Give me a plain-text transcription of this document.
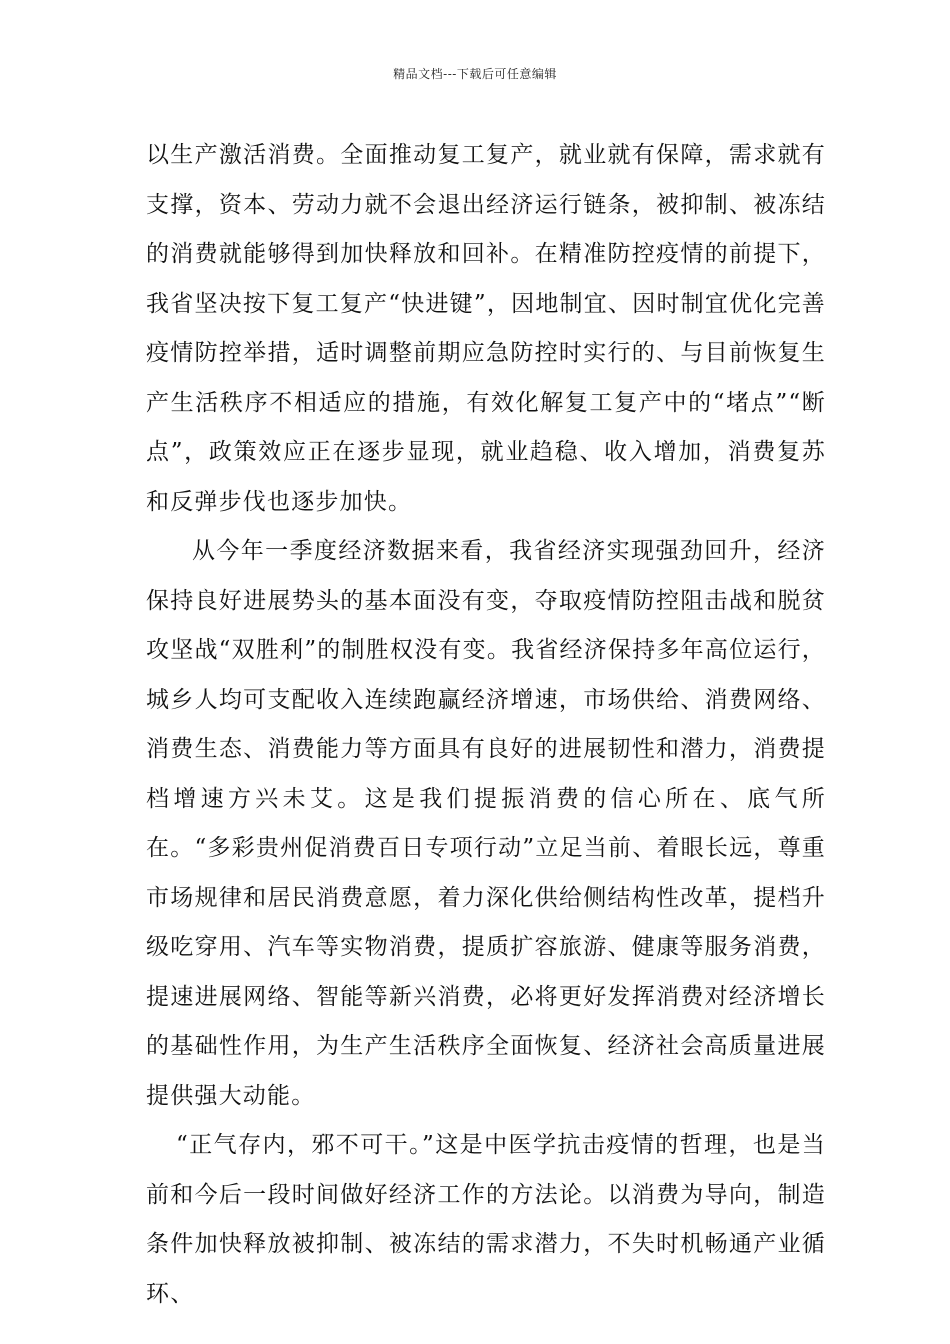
精品文档---下载后可任意编辑

以生产激活消费。全面推动复工复产，就业就有保障，需求就有支撑，资本、劳动力就不会退出经济运行链条，被抑制、被冻结的消费就能够得到加快释放和回补。在精准防控疫情的前提下，我省坚决按下复工复产“快进键”，因地制宜、因时制宜优化完善疫情防控举措，适时调整前期应急防控时实行的、与目前恢复生产生活秩序不相适应的措施，有效化解复工复产中的“堵点”“断点”，政策效应正在逐步显现，就业趋稳、收入增加，消费复苏和反弹步伐也逐步加快。

从今年一季度经济数据来看，我省经济实现强劲回升，经济保持良好进展势头的基本面没有变，夺取疫情防控阻击战和脱贫攻坚战“双胜利”的制胜权没有变。我省经济保持多年高位运行，城乡人均可支配收入连续跑赢经济增速，市场供给、消费网络、消费生态、消费能力等方面具有良好的进展韧性和潜力，消费提档增速方兴未艾。这是我们提振消费的信心所在、底气所在。“多彩贵州促消费百日专项行动”立足当前、着眼长远，尊重市场规律和居民消费意愿，着力深化供给侧结构性改革，提档升级吃穿用、汽车等实物消费，提质扩容旅游、健康等服务消费，提速进展网络、智能等新兴消费，必将更好发挥消费对经济增长的基础性作用，为生产生活秩序全面恢复、经济社会高质量进展提供强大动能。

“正气存内，邪不可干。”这是中医学抗击疫情的哲理，也是当前和今后一段时间做好经济工作的方法论。以消费为导向，制造条件加快释放被抑制、被冻结的需求潜力，不失时机畅通产业循环、
